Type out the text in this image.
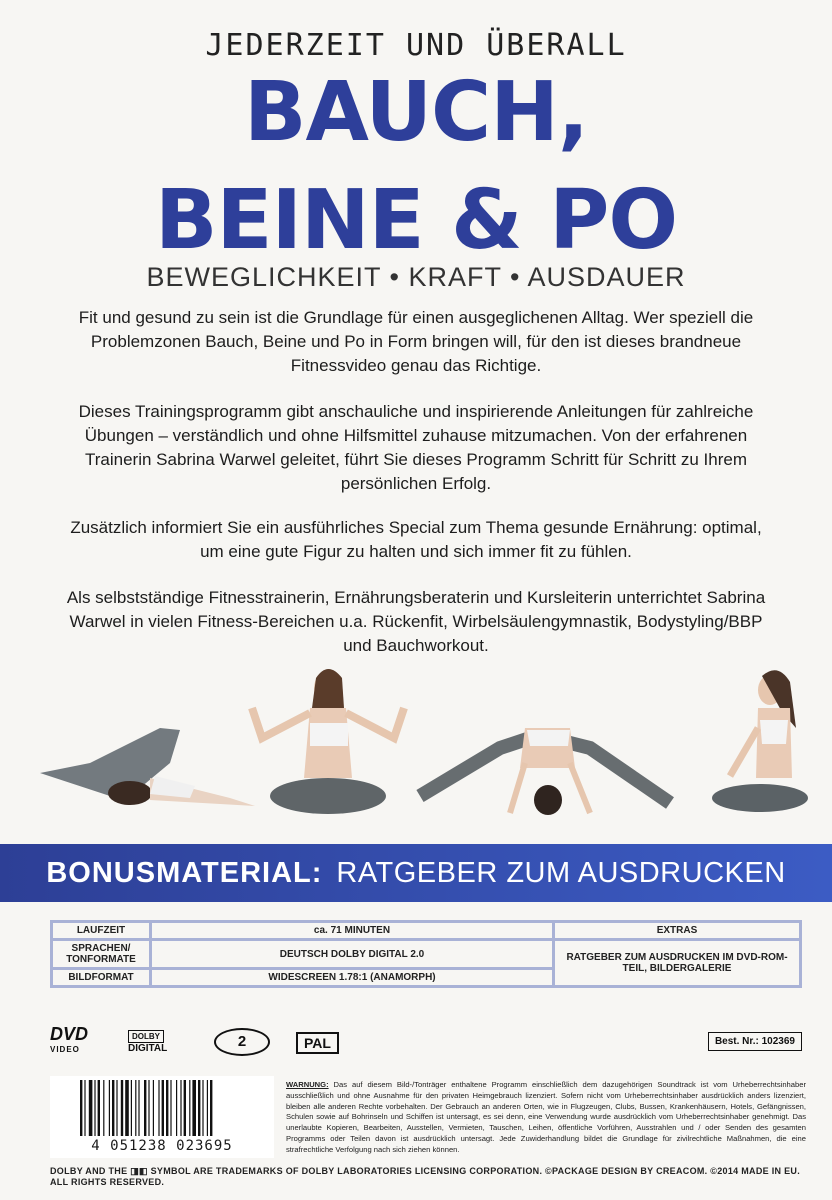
JEDERZEIT UND ÜBERALL
BAUCH,
BEINE & PO
BEWEGLICHKEIT • KRAFT • AUSDAUER
Fit und gesund zu sein ist die Grundlage für einen ausgeglichenen Alltag. Wer speziell die Problemzonen Bauch, Beine und Po in Form bringen will, für den ist dieses brandneue Fitnessvideo genau das Richtige.
Dieses Trainingsprogramm gibt anschauliche und inspirierende Anleitungen für zahlreiche Übungen – verständlich und ohne Hilfsmittel zuhause mitzumachen. Von der erfahrenen Trainerin Sabrina Warwel geleitet, führt Sie dieses Programm Schritt für Schritt zu Ihrem persönlichen Erfolg.
Zusätzlich informiert Sie ein ausführliches Special zum Thema gesunde Ernährung: optimal, um eine gute Figur zu halten und sich immer fit zu fühlen.
Als selbstständige Fitnesstrainerin, Ernährungsberaterin und Kursleiterin unterrichtet Sabrina Warwel in vielen Fitness-Bereichen u.a. Rückenfit, Wirbelsäulengymnastik, Bodystyling/BBP und Bauchworkout.
BONUSMATERIAL: RATGEBER ZUM AUSDRUCKEN
LAUFZEIT	ca. 71 MINUTEN	EXTRAS
SPRACHEN/ TONFORMATE	DEUTSCH DOLBY DIGITAL 2.0	RATGEBER ZUM AUSDRUCKEN IM DVD-ROM-TEIL, BILDERGALERIE
BILDFORMAT	WIDESCREEN 1.78:1 (ANAMORPH)	
DVD
VIDEO
DOLBY
DIGITAL	2	PAL	Best. Nr.: 102369
4 051238 023695
WARNUNG: Das auf diesem Bild-/Tonträger enthaltene Programm einschließlich dem dazugehörigen Soundtrack ist vom Urheberrechtsinhaber ausschließlich und ohne Ausnahme für den privaten Heimgebrauch lizenziert. Sofern nicht vom Urheberrechtsinhaber ausdrücklich anders lizenziert, bleiben alle anderen Rechte vorbehalten. Der Gebrauch an anderen Orten, wie in Flugzeugen, Clubs, Bussen, Krankenhäusern, Hotels, Gefängnissen, Schulen sowie auf Bohrinseln und Schiffen ist untersagt, es sei denn, eine Verwendung wurde ausdrücklich vom Urheberrechtsinhaber genehmigt. Das unerlaubte Kopieren, Bearbeiten, Ausstellen, Vermieten, Tauschen, Leihen, öffentliche Vorführen, Ausstrahlen und / oder Senden des gesamten Programms oder Teilen davon ist ausdrücklich untersagt. Jede Zuwiderhandlung bildet die Grundlage für zivilrechtliche Maßnahmen, die eine strafrechtliche Verfolgung nach sich ziehen können.
DOLBY AND THE ◨◧ SYMBOL ARE TRADEMARKS OF DOLBY LABORATORIES LICENSING CORPORATION. ©PACKAGE DESIGN BY CREACOM. ©2014 MADE IN EU. ALL RIGHTS RESERVED.
